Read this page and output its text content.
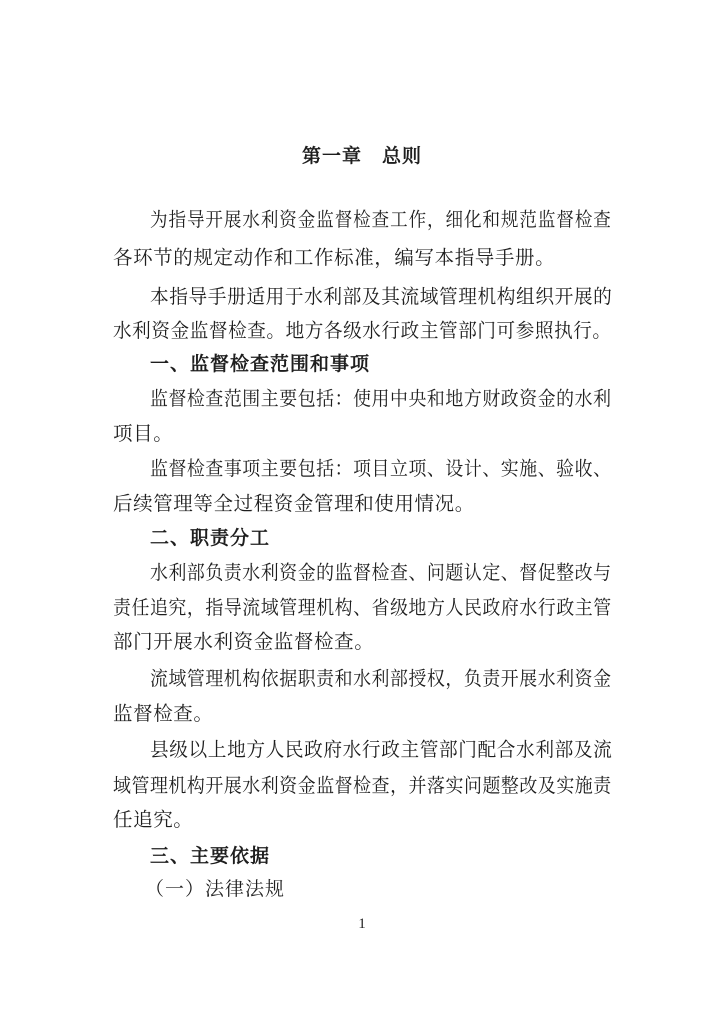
第一章　总则
为指导开展水利资金监督检查工作，细化和规范监督检查
各环节的规定动作和工作标准，编写本指导手册。
本指导手册适用于水利部及其流域管理机构组织开展的
水利资金监督检查。地方各级水行政主管部门可参照执行。
一、监督检查范围和事项
监督检查范围主要包括：使用中央和地方财政资金的水利
项目。
监督检查事项主要包括：项目立项、设计、实施、验收、
后续管理等全过程资金管理和使用情况。
二、职责分工
水利部负责水利资金的监督检查、问题认定、督促整改与
责任追究，指导流域管理机构、省级地方人民政府水行政主管
部门开展水利资金监督检查。
流域管理机构依据职责和水利部授权，负责开展水利资金
监督检查。
县级以上地方人民政府水行政主管部门配合水利部及流
域管理机构开展水利资金监督检查，并落实问题整改及实施责
任追究。
三、主要依据
（一）法律法规
1
